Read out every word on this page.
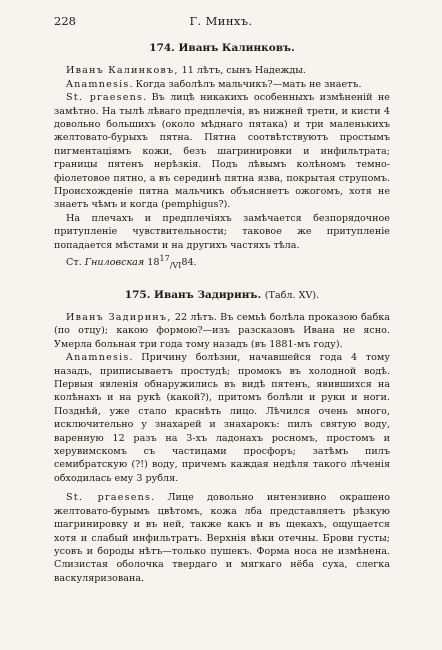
228	Г. Минхъ.
174. Иванъ Калинковъ.

Иванъ Калинковъ, 11 лѣтъ, сынъ Надежды.

Anamnesis. Когда заболѣлъ мальчикъ?—мать не знаетъ.

St. praesens. Въ лицѣ никакихъ особенныхъ измѣненій не замѣтно. На тылѣ лѣваго предплечія, въ нижней трети, и кисти 4 довольно большихъ (около мѣднаго пятака) и три маленькихъ желтовато-бурыхъ пятна. Пятна соотвѣтствуютъ простымъ пигментаціямъ кожи, безъ шагринировки и инфильтрата; границы пятенъ нерѣзкія. Подъ лѣвымъ колѣномъ темно-фіолетовое пятно, а въ серединѣ пятна язва, покрытая струпомъ. Происхожденіе пятна мальчикъ объясняетъ ожогомъ, хотя не знаетъ чѣмъ и когда (pemphigus?).

На плечахъ и предплечіяхъ замѣчается безпорядочное притупленіе чувствительности; таковое же притупленіе попадается мѣстами и на другихъ частяхъ тѣла.

Ст. Гниловская $18^{17}_{/VI}84$.

175. Иванъ Задиринъ. (Табл. XV).

Иванъ Задиринъ, 22 лѣтъ. Въ семьѣ болѣла проказою бабка (по отцу); какою формою?—изъ разсказовъ Ивана не ясно. Умерла больная три года тому назадъ (въ 1881-мъ году).

Anamnesis. Причину болѣзни, начавшейся года 4 тому назадъ, приписываетъ простудѣ; промокъ въ холодной водѣ. Первыя явленія обнаружились въ видѣ пятенъ, явившихся на колѣнахъ и на рукѣ (какой?), притомъ болѣли и руки и ноги. Позднѣй, уже стало краснѣть лицо. Лѣчился очень много, исключительно у знахарей и знахарокъ: пилъ святую воду, варенную 12 разъ на 3-хъ ладонахъ росномъ, простомъ и херувимскомъ съ частицами просфоръ; затѣмъ пилъ семибратскую (?!) воду, причемъ каждая недѣля такого лѣченія обходилась ему 3 рубля.

St. praesens. Лице довольно интензивно окрашено желтовато-бурымъ цвѣтомъ, кожа лба представляетъ рѣзкую шагринировку и въ ней, также какъ и въ щекахъ, ощущается хотя и слабый инфильтратъ. Верхнія вѣки отечны. Брови густы; усовъ и бороды нѣтъ—только пушекъ. Форма носа не измѣнена. Слизистая оболочка твердаго и мягкаго нёба суха, слегка васкуляризована.
